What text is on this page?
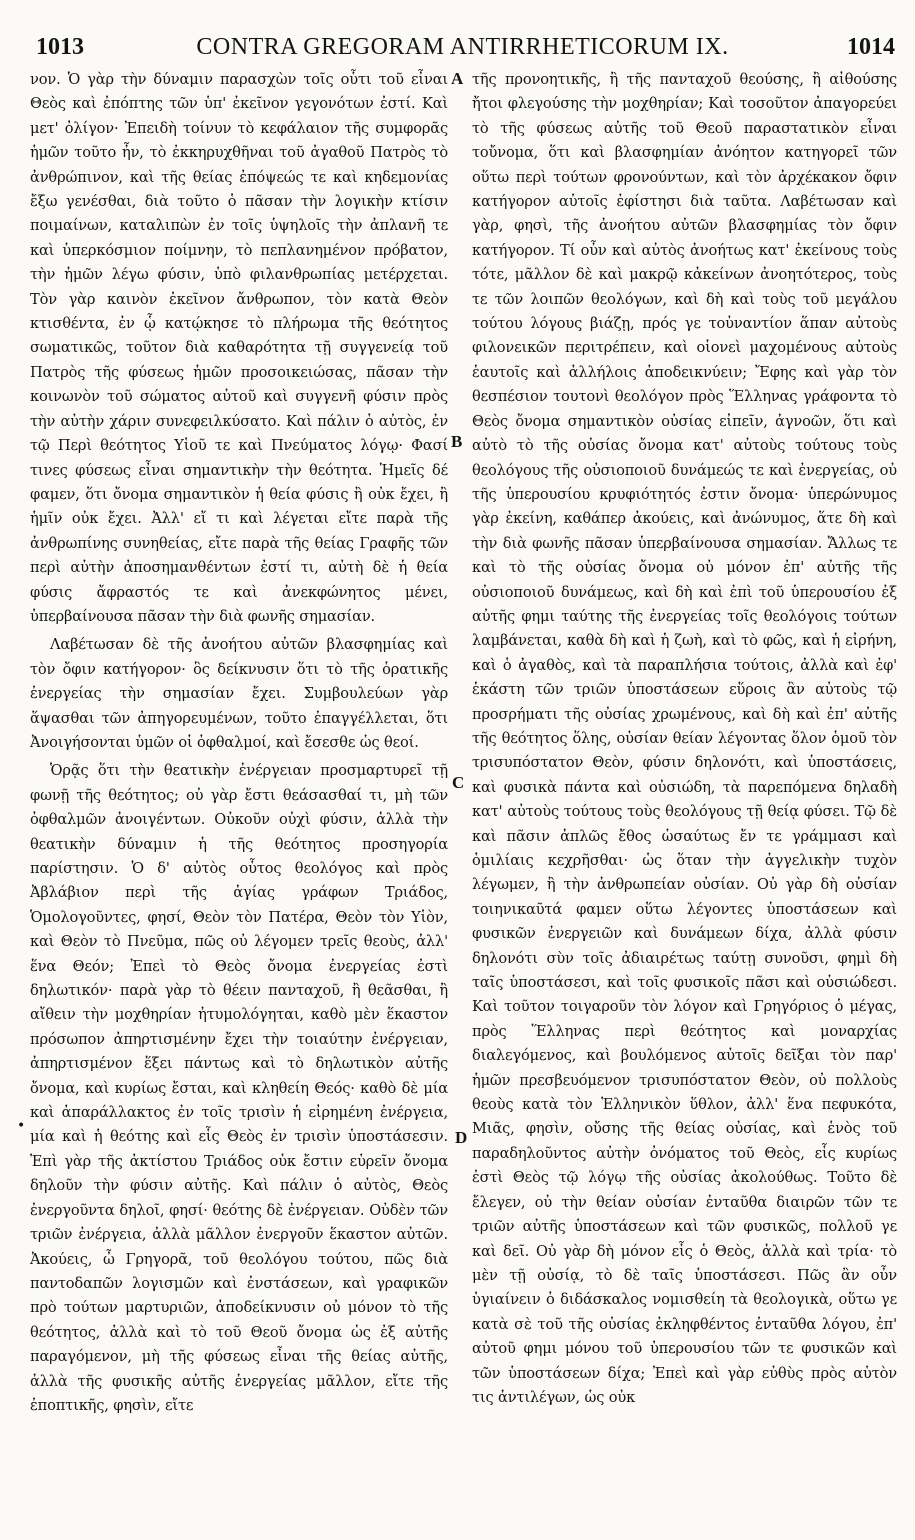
1013	CONTRA GREGORAM ANTIRRHETICORUM IX.	1014

νον. Ὁ γὰρ τὴν δύναμιν παρασχὼν τοῖς οὗτι τοῦ εἶναι Θεὸς καὶ ἐπόπτης τῶν ὑπ' ἐκεῖνον γεγονότων ἐστί. Καὶ μετ' ὀλίγον· Ἐπειδὴ τοίνυν τὸ κεφάλαιον τῆς συμφορᾶς ἡμῶν τοῦτο ἦν, τὸ ἐκκηρυχθῆναι τοῦ ἀγαθοῦ Πατρὸς τὸ ἀνθρώπινον, καὶ τῆς θείας ἐπόψεώς τε καὶ κηδεμονίας ἔξω γενέσθαι, διὰ τοῦτο ὁ πᾶσαν τὴν λογικὴν κτίσιν ποιμαίνων, καταλιπὼν ἐν τοῖς ὑψηλοῖς τὴν ἀπλανῆ τε καὶ ὑπερκόσμιον ποίμνην, τὸ πεπλανημένον πρόβατον, τὴν ἡμῶν λέγω φύσιν, ὑπὸ φιλανθρωπίας μετέρχεται. Τὸν γὰρ καινὸν ἐκεῖνον ἄνθρωπον, τὸν κατὰ Θεὸν κτισθέντα, ἐν ᾧ κατῴκησε τὸ πλήρωμα τῆς θεότητος σωματικῶς, τοῦτον διὰ καθαρότητα τῇ συγγενείᾳ τοῦ Πατρὸς τῆς φύσεως ἡμῶν προσοικειώσας, πᾶσαν τὴν κοινωνὸν τοῦ σώματος αὐτοῦ καὶ συγγενῆ φύσιν πρὸς τὴν αὐτὴν χάριν συνεφειλκύσατο. Καὶ πάλιν ὁ αὐτὸς, ἐν τῷ Περὶ θεότητος Υἱοῦ τε καὶ Πνεύματος λόγῳ· Φασί τινες φύσεως εἶναι σημαντικὴν τὴν θεότητα. Ἡμεῖς δέ φαμεν, ὅτι ὄνομα σημαντικὸν ἡ θεία φύσις ἢ οὐκ ἔχει, ἢ ἡμῖν οὐκ ἔχει. Ἀλλ' εἴ τι καὶ λέγεται εἴτε παρὰ τῆς ἀνθρωπίνης συνηθείας, εἴτε παρὰ τῆς θείας Γραφῆς τῶν περὶ αὐτὴν ἀποσημανθέντων ἐστί τι, αὐτὴ δὲ ἡ θεία φύσις ἄφραστός τε καὶ ἀνεκφώνητος μένει, ὑπερβαίνουσα πᾶσαν τὴν διὰ φωνῆς σημασίαν.

Λαβέτωσαν δὲ τῆς ἀνοήτου αὐτῶν βλασφημίας καὶ τὸν ὄφιν κατήγορον· ὃς δείκνυσιν ὅτι τὸ τῆς ὁρατικῆς ἐνεργείας τὴν σημασίαν ἔχει. Συμβουλεύων γὰρ ἅψασθαι τῶν ἀπηγορευμένων, τοῦτο ἐπαγγέλλεται, ὅτι Ἀνοιγήσονται ὑμῶν οἱ ὀφθαλμοί, καὶ ἔσεσθε ὡς θεοί.

Ὁρᾷς ὅτι τὴν θεατικὴν ἐνέργειαν προσμαρτυρεῖ τῇ φωνῇ τῆς θεότητος; οὐ γὰρ ἔστι θεάσασθαί τι, μὴ τῶν ὀφθαλμῶν ἀνοιγέντων. Οὐκοῦν οὐχὶ φύσιν, ἀλλὰ τὴν θεατικὴν δύναμιν ἡ τῆς θεότητος προσηγορία παρίστησιν. Ὁ δ' αὐτὸς οὗτος θεολόγος καὶ πρὸς Ἀβλάβιον περὶ τῆς ἁγίας γράφων Τριάδος, Ὁμολογοῦντες, φησί, Θεὸν τὸν Πατέρα, Θεὸν τὸν Υἱὸν, καὶ Θεὸν τὸ Πνεῦμα, πῶς οὐ λέγομεν τρεῖς θεοὺς, ἀλλ' ἕνα Θεόν; Ἐπεὶ τὸ Θεὸς ὄνομα ἐνεργείας ἐστὶ δηλωτικόν· παρὰ γὰρ τὸ θέειν πανταχοῦ, ἢ θεᾶσθαι, ἢ αἴθειν τὴν μοχθηρίαν ἠτυμολόγηται, καθὸ μὲν ἕκαστον πρόσωπον ἀπηρτισμένην ἔχει τὴν τοιαύτην ἐνέργειαν, ἀπηρτισμένον ἕξει πάντως καὶ τὸ δηλωτικὸν αὐτῆς ὄνομα, καὶ κυρίως ἔσται, καὶ κληθείη Θεός· καθὸ δὲ μία καὶ ἀπαράλλακτος ἐν τοῖς τρισὶν ἡ εἰρημένη ἐνέργεια, μία καὶ ἡ θεότης καὶ εἷς Θεὸς ἐν τρισὶν ὑποστάσεσιν. Ἐπὶ γὰρ τῆς ἀκτίστου Τριάδος οὐκ ἔστιν εὑρεῖν ὄνομα δηλοῦν τὴν φύσιν αὐτῆς. Καὶ πάλιν ὁ αὐτὸς, Θεὸς ἐνεργοῦντα δηλοῖ, φησί· θεότης δὲ ἐνέργειαν. Οὐδὲν τῶν τριῶν ἐνέργεια, ἀλλὰ μᾶλλον ἐνεργοῦν ἕκαστον αὐτῶν. Ἀκούεις, ὦ Γρηγορᾶ, τοῦ θεολόγου τούτου, πῶς διὰ παντοδαπῶν λογισμῶν καὶ ἐνστάσεων, καὶ γραφικῶν πρὸ τούτων μαρτυριῶν, ἀποδείκνυσιν οὐ μόνον τὸ τῆς θεότητος, ἀλλὰ καὶ τὸ τοῦ Θεοῦ ὄνομα ὡς ἐξ αὐτῆς παραγόμενον, μὴ τῆς φύσεως εἶναι τῆς θείας αὐτῆς, ἀλλὰ τῆς φυσικῆς αὐτῆς ἐνεργείας μᾶλλον, εἴτε τῆς ἐποπτικῆς, φησὶν, εἴτε

A
B
C
D
•

τῆς προνοητικῆς, ἢ τῆς πανταχοῦ θεούσης, ἢ αἰθούσης ἤτοι φλεγούσης τὴν μοχθηρίαν; Καὶ τοσοῦτον ἀπαγορεύει τὸ τῆς φύσεως αὐτῆς τοῦ Θεοῦ παραστατικὸν εἶναι τοὔνομα, ὅτι καὶ βλασφημίαν ἀνόητον κατηγορεῖ τῶν οὕτω περὶ τούτων φρονούντων, καὶ τὸν ἀρχέκακον ὄφιν κατήγορον αὐτοῖς ἐφίστησι διὰ ταῦτα. Λαβέτωσαν καὶ γὰρ, φησὶ, τῆς ἀνοήτου αὐτῶν βλασφημίας τὸν ὄφιν κατήγορον. Τί οὖν καὶ αὐτὸς ἀνοήτως κατ' ἐκείνους τοὺς τότε, μᾶλλον δὲ καὶ μακρῷ κἀκείνων ἀνοητότερος, τοὺς τε τῶν λοιπῶν θεολόγων, καὶ δὴ καὶ τοὺς τοῦ μεγάλου τούτου λόγους βιάζῃ, πρός γε τοὐναντίον ἅπαν αὐτοὺς φιλονεικῶν περιτρέπειν, καὶ οἱονεὶ μαχομένους αὐτοὺς ἑαυτοῖς καὶ ἀλλήλοις ἀποδεικνύειν; Ἔφης καὶ γὰρ τὸν θεσπέσιον τουτονὶ θεολόγον πρὸς Ἕλληνας γράφοντα τὸ Θεὸς ὄνομα σημαντικὸν οὐσίας εἰπεῖν, ἀγνοῶν, ὅτι καὶ αὐτὸ τὸ τῆς οὐσίας ὄνομα κατ' αὐτοὺς τούτους τοὺς θεολόγους τῆς οὐσιοποιοῦ δυνάμεώς τε καὶ ἐνεργείας, οὐ τῆς ὑπερουσίου κρυφιότητός ἐστιν ὄνομα· ὑπερώνυμος γὰρ ἐκείνη, καθάπερ ἀκούεις, καὶ ἀνώνυμος, ἅτε δὴ καὶ τὴν διὰ φωνῆς πᾶσαν ὑπερβαίνουσα σημασίαν. Ἄλλως τε καὶ τὸ τῆς οὐσίας ὄνομα οὐ μόνον ἐπ' αὐτῆς τῆς οὐσιοποιοῦ δυνάμεως, καὶ δὴ καὶ ἐπὶ τοῦ ὑπερουσίου ἐξ αὐτῆς φημι ταύτης τῆς ἐνεργείας τοῖς θεολόγοις τούτων λαμβάνεται, καθὰ δὴ καὶ ἡ ζωὴ, καὶ τὸ φῶς, καὶ ἡ εἰρήνη, καὶ ὁ ἀγαθὸς, καὶ τὰ παραπλήσια τούτοις, ἀλλὰ καὶ ἐφ' ἑκάστη τῶν τριῶν ὑποστάσεων εὕροις ἂν αὐτοὺς τῷ προσρήματι τῆς οὐσίας χρωμένους, καὶ δὴ καὶ ἐπ' αὐτῆς τῆς θεότητος ὅλης, οὐσίαν θείαν λέγοντας ὅλον ὁμοῦ τὸν τρισυπόστατον Θεὸν, φύσιν δηλονότι, καὶ ὑποστάσεις, καὶ φυσικὰ πάντα καὶ οὐσιώδη, τὰ παρεπόμενα δηλαδὴ κατ' αὐτοὺς τούτους τοὺς θεολόγους τῇ θείᾳ φύσει. Τῷ δὲ καὶ πᾶσιν ἁπλῶς ἔθος ὡσαύτως ἔν τε γράμμασι καὶ ὁμιλίαις κεχρῆσθαι· ὡς ὅταν τὴν ἀγγελικὴν τυχὸν λέγωμεν, ἢ τὴν ἀνθρωπείαν οὐσίαν. Οὐ γὰρ δὴ οὐσίαν τοιηνικαῦτά φαμεν οὕτω λέγοντες ὑποστάσεων καὶ φυσικῶν ἐνεργειῶν καὶ δυνάμεων δίχα, ἀλλὰ φύσιν δηλονότι σὺν τοῖς ἀδιαιρέτως ταύτῃ συνοῦσι, φημὶ δὴ ταῖς ὑποστάσεσι, καὶ τοῖς φυσικοῖς πᾶσι καὶ οὐσιώδεσι. Καὶ τοῦτον τοιγαροῦν τὸν λόγον καὶ Γρηγόριος ὁ μέγας, πρὸς Ἕλληνας περὶ θεότητος καὶ μοναρχίας διαλεγόμενος, καὶ βουλόμενος αὐτοῖς δεῖξαι τὸν παρ' ἡμῶν πρεσβευόμενον τρισυπόστατον Θεὸν, οὐ πολλοὺς θεοὺς κατὰ τὸν Ἑλληνικὸν ὕθλον, ἀλλ' ἕνα πεφυκότα, Μιᾶς, φησὶν, οὔσης τῆς θείας οὐσίας, καὶ ἑνὸς τοῦ παραδηλοῦντος αὐτὴν ὀνόματος τοῦ Θεὸς, εἷς κυρίως ἐστὶ Θεὸς τῷ λόγῳ τῆς οὐσίας ἀκολούθως. Τοῦτο δὲ ἔλεγεν, οὐ τὴν θείαν οὐσίαν ἐνταῦθα διαιρῶν τῶν τε τριῶν αὐτῆς ὑποστάσεων καὶ τῶν φυσικῶς, πολλοῦ γε καὶ δεῖ. Οὐ γὰρ δὴ μόνον εἷς ὁ Θεὸς, ἀλλὰ καὶ τρία· τὸ μὲν τῇ οὐσίᾳ, τὸ δὲ ταῖς ὑποστάσεσι. Πῶς ἂν οὖν ὑγιαίνειν ὁ διδάσκαλος νομισθείη τὰ θεολογικὰ, οὕτω γε κατὰ σὲ τοῦ τῆς οὐσίας ἐκληφθέντος ἐνταῦθα λόγου, ἐπ' αὐτοῦ φημι μόνου τοῦ ὑπερουσίου τῶν τε φυσικῶν καὶ τῶν ὑποστάσεων δίχα; Ἐπεὶ καὶ γὰρ εὐθὺς πρὸς αὑτὸν τις ἀντιλέγων, ὡς οὐκ
